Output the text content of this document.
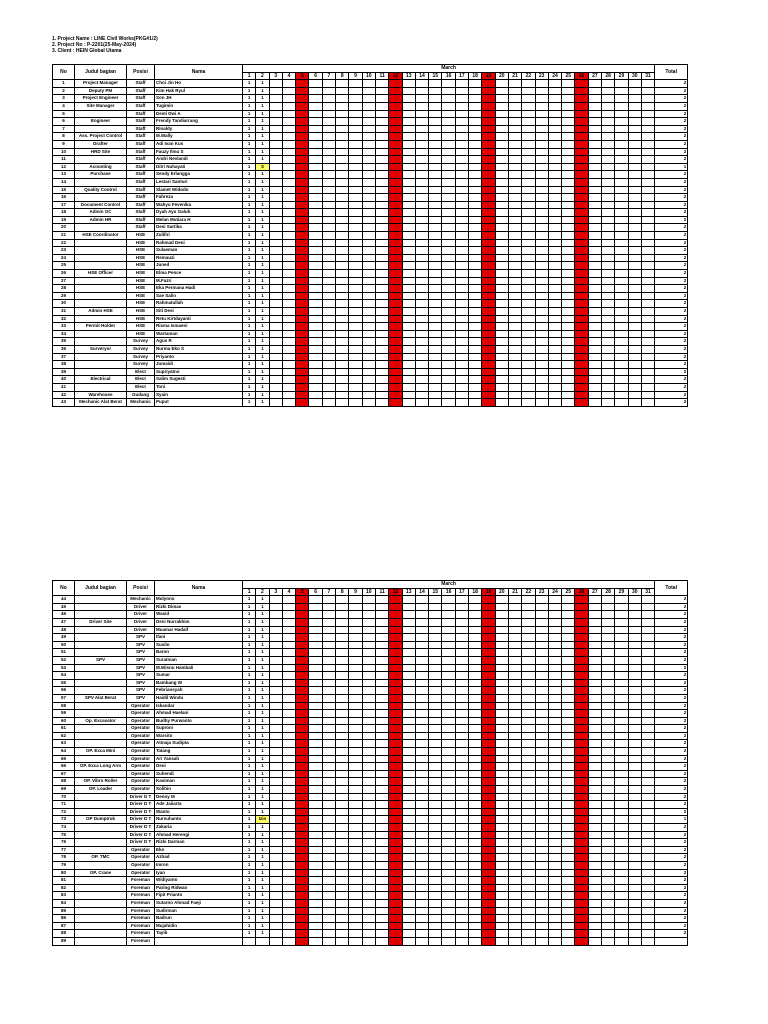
1. Project Name : LINE Civil Works(PKG#1/2)
2. Project No : P-2201(25-May-2024)
3. Client : HEIN Global Utama
No	Judul bagian	Posisi	Nama	March																															Total
				1	2	3	4	5	6	7	8	9	10	11	12	13	14	15	16	17	18	19	20	21	22	23	24	25	26	27	28	29	30	31	
1	Project Manager	Staff	Choi Jin Ho	1	1																														2
2	Deputy PM	Staff	Kim Hak Ryul	1	1																														2
3	Project Engineer	Staff	Son JH	1	1																														2
4	Site Manager	Staff	Tugimin	1	1																														2
5		Staff	Desti Dwi A	1	1																														2
6	Engineer	Staff	Frendy Tandiarrang	1	1																														2
7		Staff	Rinaldy	1	1																														2
8	Ass. Project Control	Staff	M.Wally	1	1																														2
9	Drafter	Staff	Adi Ivan Kus	1	1																														2
10	HRD Site	Staff	Fauzy Ilmu S	1	1																														2
11		Staff	Andri Nevlandi	1	1																														2
12	Acounting	Staff	Ditri Nuhayati	1	S																														1
13	Purchase	Staff	Sendy Erlangga	1	1																														2
14		Staff	Lestari Santuri	1	1																														2
15	Quality Control	Staff	Slamet Widodo	1	1																														2
16		Staff	Fahreza	1	1																														2
17	Document Control	Staff	Wahyu Fevenika	1	1																														2
18	Admin OC	Staff	Dyah Ayu Galuh	1	1																														2
19	Admin HR	Staff	Melan Mutiara H	1	1																														2
20		Staff	Desi Sartika	1	1																														2
21	HSE Coordinator	HSE	Zulifiri	1	1																														2
22		HSE	Rahmad Deni	1	1																														2
23		HSE	Sulaeman	1	1																														2
24		HSE	Remauzi	1	1																														2
25		HSE	Juned	1	1																														2
26	HSE Officer	HSE	Elma Pence	1	1																														2
27		HSE	M.Fazri	1	1																														2
28		HSE	Eka Permana Hadi	1	1																														2
29		HSE	Sae Salin	1	1																														2
30		HSE	Rahmatullah	1	1																														2
31	Admin HSE	HSE	Siti Desi	1	1																														2
32		HSE	Retu Kirtdayanti	1	1																														2
33	Permit Holder	HSE	Risma Ismaeni	1	1																														2
34		HSE	Wartaman	1	1																														2
35		Survey	Agus R	1	1																														2
36	Surveryor	Survey	Nurma Eko S	1	1																														2
37		Survey	Priyanto	1	1																														2
38		Survey	Jumaidi	1	1																														2
39		Elect	Supriyatno	1	1																														2
40	Electrical	Elect	Salim Sugesti	1	1																														2
41		Elect	Toni	1	1																														2
42	Warehouse	Gudang	Syain	1	1																														2
43	Mechanic Alat Berat	Mechanic	Puput	1	1																														2
No	Judul bagian	Posisi	Nama	March																															Total
				1	2	3	4	5	6	7	8	9	10	11	12	13	14	15	16	17	18	19	20	21	22	23	24	25	26	27	28	29	30	31	
44		Mechanic	Mulyono	1	1																														2
45		Driver	Rizki Dimas	1	1																														2
46		Driver	Wasid	1	1																														2
47	Driver Site	Driver	Deni Nurrakhim	1	1																														2
48		Driver	Muamar Hadaif	1	1																														2
49		SPV	Ifani	1	1																														2
50		SPV	Susilo	1	1																														2
51		SPV	Baron	1	1																														2
52	SPV	SPV	Suratman	1	1																														2
53		SPV	M.Wisnu Hambali	1	1																														2
54		SPV	Sumar	1	1																														2
55		SPV	Bambang W	1	1																														2
56		SPV	Febriansyah	1	1																														2
57	SPV Alat Berat	SPV	Haidil Windu	1	1																														2
58		Operator	Iskandar	1	1																														2
59		Operator	Ahmad Haelani	1	1																														2
60	Op. Excavator	Operator	Budhy Purwanto	1	1																														2
61		Operator	Suproni	1	1																														2
62		Operator	Warsito	1	1																														2
63		Operator	Atmaja Sudipta	1	1																														2
64	OP. Exca Mini	Operator	Tatang	1	1																														2
65		Operator	Ari Yansah	1	1																														2
66	OP. Exca Long Arm	Operator	Deni	1	1																														2
67		Operator	Suhendi	1	1																														2
68	OP. Vibro Roller	Operator	Kasiman	1	1																														2
69	OP. Loader	Operator	Solihin	1	1																														2
70		Driver D T	Denny M	1	1																														2
71		Driver D T	Ade Jaiiarta	1	1																														2
72		Driver D T	Wanto	1	1																														2
73	OP Dumptruk	Driver D T	Nursuhanto	1	Izin																														1
74		Driver D T	Zakaria	1	1																														2
75		Driver D T	Ahmad Herengi	1	1																														2
76		Driver D T	Rizki Darman	1	1																														2
77		Operator	Eko	1	1																														2
78	OP. TMC	Operator	Azhad	1	1																														2
79		Operator	Imron	1	1																														2
80	OP. Crane	Operator	Iyan	1	1																														2
81		Foreman	Widiyanto	1	1																														2
82		Foreman	Paring Ridwan	1	1																														2
83		Foreman	Fipit Prianto	1	1																														2
84		Foreman	Sutarno Ahmad Faeji	1	1																														2
85		Foreman	Sudirman	1	1																														2
86		Foreman	Badrun	1	1																														2
87		Foreman	Mujahidin	1	1																														2
88		Foreman	Tayib	1	1																														2
89		Foreman																																	
